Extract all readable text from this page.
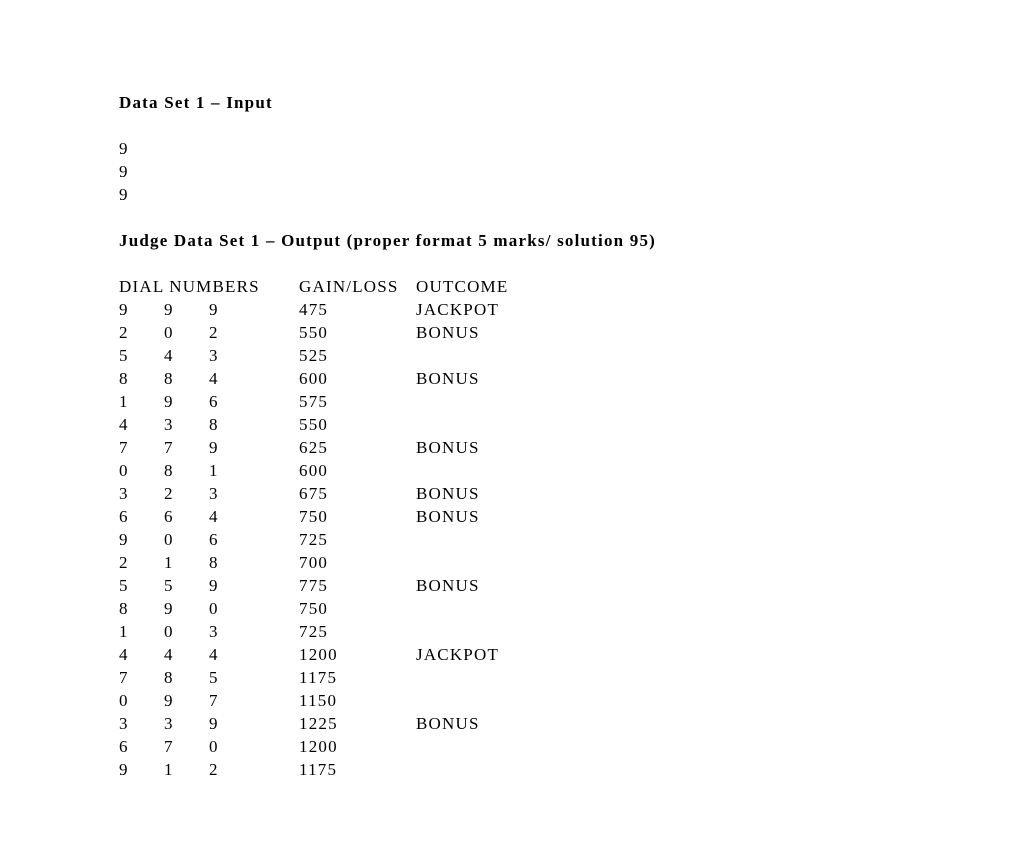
Data Set 1 – Input
9
9
9
Judge Data Set 1 – Output (proper format 5 marks/ solution 95)
DIAL NUMBERS	GAIN/LOSS	OUTCOME
9	9	9	475	JACKPOT
2	0	2	550	BONUS
5	4	3	525
8	8	4	600	BONUS
1	9	6	575
4	3	8	550
7	7	9	625	BONUS
0	8	1	600
3	2	3	675	BONUS
6	6	4	750	BONUS
9	0	6	725
2	1	8	700
5	5	9	775	BONUS
8	9	0	750
1	0	3	725
4	4	4	1200	JACKPOT
7	8	5	1175
0	9	7	1150
3	3	9	1225	BONUS
6	7	0	1200
9	1	2	1175
